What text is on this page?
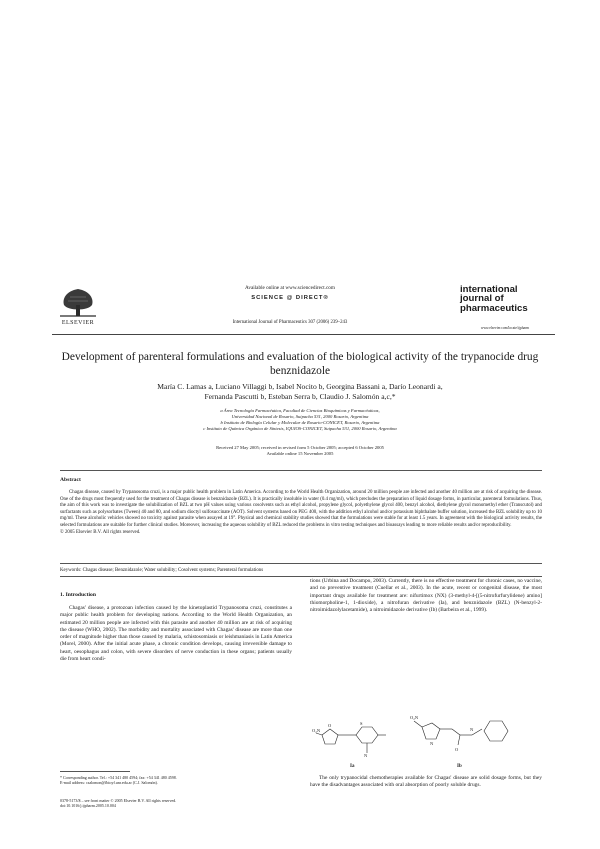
ELSEVIER
Available online at www.sciencedirect.com
SCIENCE @ DIRECT®
International Journal of Pharmaceutics 307 (2006) 239–243
international
journal of
pharmaceutics
www.elsevier.com/locate/ijpharm
Development of parenteral formulations and evaluation of the biological activity of the trypanocide drug benznidazole
María C. Lamas a, Luciano Villaggi b, Isabel Nocito b, Georgina Bassani a, Darío Leonardi a,
Fernanda Pascutti b, Esteban Serra b, Claudio J. Salomón a,c,*
a Área Tecnología Farmacéutica, Facultad de Ciencias Bioquímicas y Farmacéuticas,
Universidad Nacional de Rosario, Suipacha 531, 2000 Rosario, Argentina
b Instituto de Biología Celular y Molecular de Rosario-CONICET, Rosario, Argentina
c Instituto de Química Orgánica de Síntesis, IQUIOS-CONICET, Suipacha 531, 2000 Rosario, Argentina
Received 27 May 2005; received in revised form 5 October 2005; accepted 6 October 2005
Available online 15 November 2005
Abstract
Chagas disease, caused by Trypanosoma cruzi, is a major public health problem in Latin America. According to the World Health Organization, around 20 million people are infected and another 40 million are at risk of acquiring the disease. One of the drugs most frequently used for the treatment of Chagas disease is benznidazole (BZL). It is practically insoluble in water (0.4 mg/ml), which precludes the preparation of liquid dosage forms, in particular, parenteral formulations. Thus, the aim of this work was to investigate the solubilization of BZL at two pH values using various cosolvents such as ethyl alcohol, propylene glycol, polyethylene glycol 400, benzyl alcohol, diethylene glycol monomethyl ether (Transcutol) and surfactants such as polysorbates (Tween) 40 and 80, and sodium dioctyl sulfosuccinate (AOT). Solvent systems based on PEG 400, with the addition ethyl alcohol and/or potassium biphthalate buffer solution, increased the BZL solubility up to 10 mg/ml. These alcoholic vehicles showed no toxicity against parasite when assayed at 19°. Physical and chemical stability studies showed that the formulations were stable for at least 1.5 years. In agreement with the biological activity results, the selected formulations are suitable for further clinical studies. Moreover, increasing the aqueous solubility of BZL reduced the problems in vitro testing techniques and bioassays leading to more reliable results and/or reproducibility.
© 2005 Elsevier B.V. All rights reserved.
Keywords: Chagas disease; Benznidazole; Water solubility; Cosolvent systems; Parenteral formulations
1. Introduction
Chagas' disease, a protozoan infection caused by the kinetoplastid Trypanosoma cruzi, constitutes a major public health problem for developing nations. According to the World Health Organization, an estimated 20 million people are infected with this parasite and another 40 million are at risk of acquiring the disease (WHO, 2002). The morbidity and mortality associated with Chagas' disease are more than one order of magnitude higher than those caused by malaria, schistosomiasis or leishmaniasis in Latin America (Morel, 2000). After the initial acute phase, a chronic condition develops, causing irreversible damage to heart, oesophagus and colon, with severe disorders of nerve conduction in these organs; patients usually die from heart condi-
tions (Urbina and Docampo, 2003). Currently, there is no effective treatment for chronic cases, no vaccine, and no preventive treatment (Cuellar et al., 2003). In the acute, recent or congenital disease, the most important drugs available for treatment are: nifurtimox (NX) (3-methyl-4-[(5-nitrofurfurylidene) amino] thiomorpholine-1, 1-dioxide), a nitrofuran derivative (Ia), and benznidazole (BZL) (N-benzyl-2-nitroimidazolylacetamide), a nitroimidazole derivative (Ib) (Barbeira et al., 1999).
O₂N
O	S
N
O₂N
N
O
N
Ia	Ib
The only trypanocidal chemotherapies available for Chagas' disease are solid dosage forms, but they have the disadvantages associated with oral absorption of poorly soluble drugs.
* Corresponding author. Tel.: +54 341 480 4594; fax: +54 341 480 4598.
E-mail address: csalomon@fbioyf.unr.edu.ar (C.J. Salomón).
0378-5173/$ – see front matter © 2005 Elsevier B.V. All rights reserved.
doi:10.1016/j.ijpharm.2005.10.004
